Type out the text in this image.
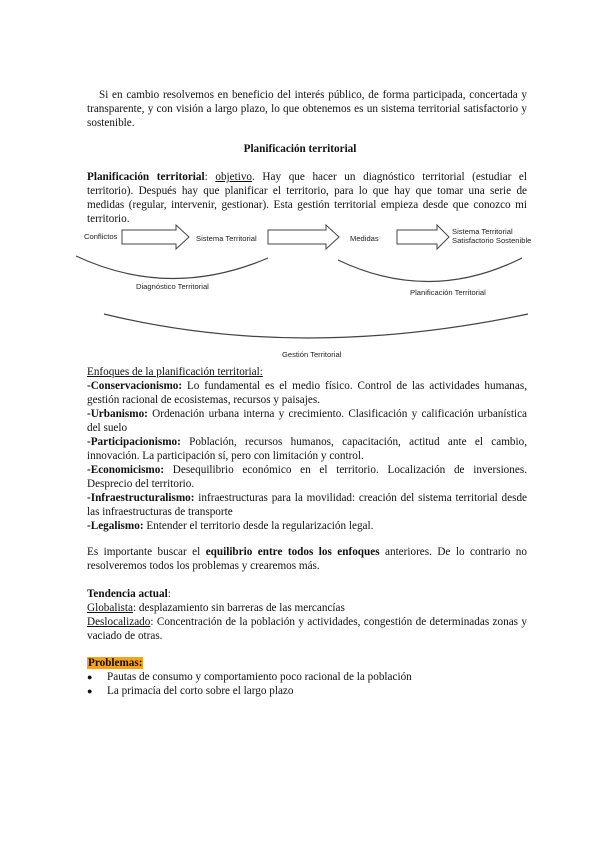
Si en cambio resolvemos en beneficio del interés público, de forma participada, concertada y transparente, y con visión a largo plazo, lo que obtenemos es un sistema territorial satisfactorio y sostenible.
Planificación territorial
Planificación territorial: objetivo. Hay que hacer un diagnóstico territorial (estudiar el territorio). Después hay que planificar el territorio, para lo que hay que tomar una serie de medidas (regular, intervenir, gestionar). Esta gestión territorial empieza desde que conozco mi territorio.
Conflictos	Sistema Territorial	Medidas
Sistema Territorial
Satisfactorio Sostenible
Diagnóstico Territorial
Planificación Territorial
Gestión Territorial
Enfoques de la planificación territorial:
-Conservacionismo: Lo fundamental es el medio físico. Control de las actividades humanas, gestión racional de ecosistemas, recursos y paisajes.
-Urbanismo: Ordenación urbana interna y crecimiento. Clasificación y calificación urbanística del suelo
-Participacionismo: Población, recursos humanos, capacitación, actitud ante el cambio, innovación. La participación sí, pero con limitación y control.
-Economicismo: Desequilibrio económico en el territorio. Localización de inversiones. Desprecio del territorio.
-Infraestructuralismo: infraestructuras para la movilidad: creación del sistema territorial desde las infraestructuras de transporte
-Legalismo: Entender el territorio desde la regularización legal.
Es importante buscar el equilibrio entre todos los enfoques anteriores. De lo contrario no resolveremos todos los problemas y crearemos más.
Tendencia actual:
Globalista: desplazamiento sin barreras de las mercancías
Deslocalizado: Concentración de la población y actividades, congestión de determinadas zonas y vaciado de otras.
Problemas:
● Pautas de consumo y comportamiento poco racional de la población
● La primacía del corto sobre el largo plazo
